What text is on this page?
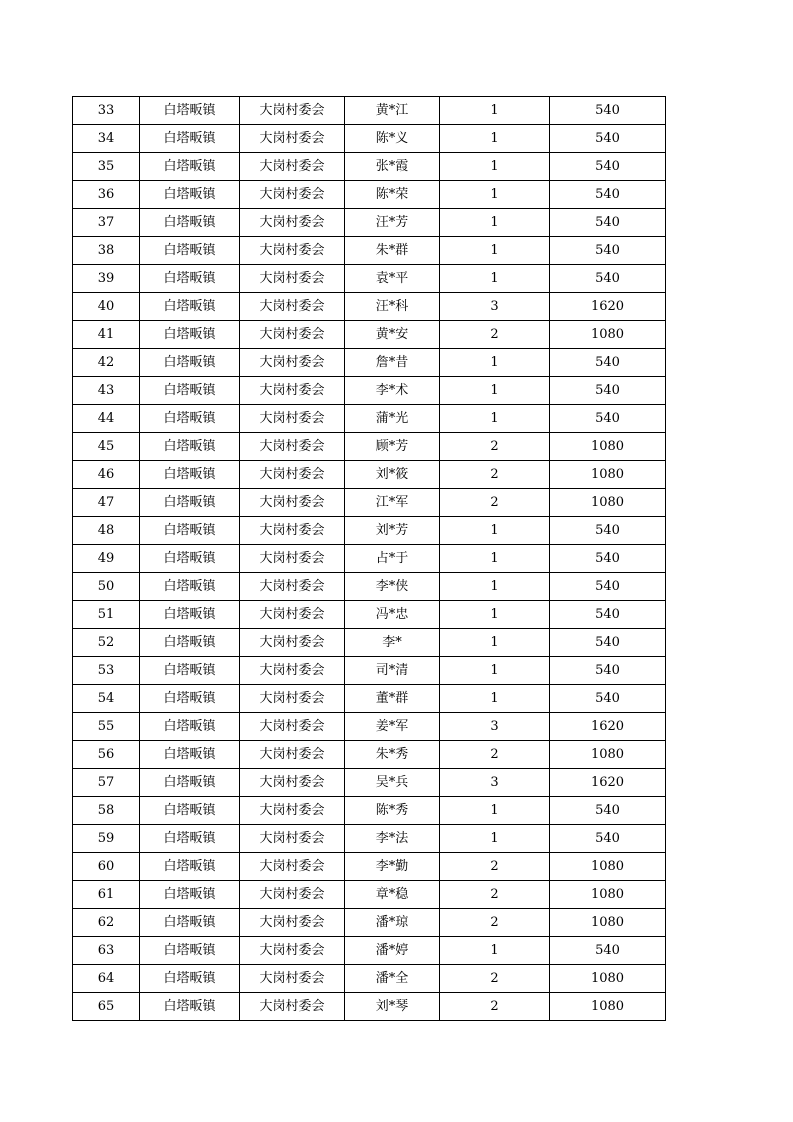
33	白塔畈镇	大岗村委会	黄*江	1	540
34	白塔畈镇	大岗村委会	陈*义	1	540
35	白塔畈镇	大岗村委会	张*霞	1	540
36	白塔畈镇	大岗村委会	陈*荣	1	540
37	白塔畈镇	大岗村委会	汪*芳	1	540
38	白塔畈镇	大岗村委会	朱*群	1	540
39	白塔畈镇	大岗村委会	袁*平	1	540
40	白塔畈镇	大岗村委会	汪*科	3	1620
41	白塔畈镇	大岗村委会	黄*安	2	1080
42	白塔畈镇	大岗村委会	詹*昔	1	540
43	白塔畈镇	大岗村委会	李*术	1	540
44	白塔畈镇	大岗村委会	蒲*光	1	540
45	白塔畈镇	大岗村委会	顾*芳	2	1080
46	白塔畈镇	大岗村委会	刘*筱	2	1080
47	白塔畈镇	大岗村委会	江*军	2	1080
48	白塔畈镇	大岗村委会	刘*芳	1	540
49	白塔畈镇	大岗村委会	占*于	1	540
50	白塔畈镇	大岗村委会	李*侠	1	540
51	白塔畈镇	大岗村委会	冯*忠	1	540
52	白塔畈镇	大岗村委会	李*	1	540
53	白塔畈镇	大岗村委会	司*清	1	540
54	白塔畈镇	大岗村委会	董*群	1	540
55	白塔畈镇	大岗村委会	姜*军	3	1620
56	白塔畈镇	大岗村委会	朱*秀	2	1080
57	白塔畈镇	大岗村委会	吴*兵	3	1620
58	白塔畈镇	大岗村委会	陈*秀	1	540
59	白塔畈镇	大岗村委会	李*法	1	540
60	白塔畈镇	大岗村委会	李*勤	2	1080
61	白塔畈镇	大岗村委会	章*稳	2	1080
62	白塔畈镇	大岗村委会	潘*琼	2	1080
63	白塔畈镇	大岗村委会	潘*婷	1	540
64	白塔畈镇	大岗村委会	潘*全	2	1080
65	白塔畈镇	大岗村委会	刘*琴	2	1080
